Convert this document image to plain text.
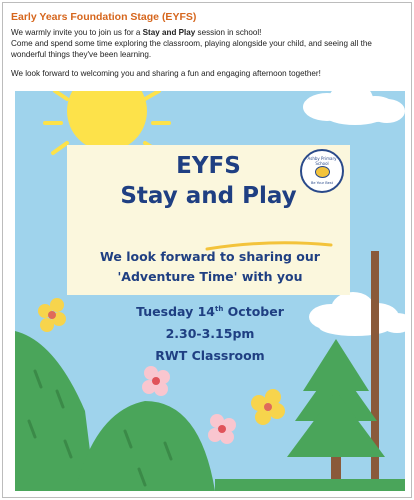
Early Years Foundation Stage (EYFS)

We warmly invite you to join us for a Stay and Play session in school!

Come and spend some time exploring the classroom, playing alongside your child, and seeing all the wonderful things they've been learning.

We look forward to welcoming you and sharing a fun and engaging afternoon together!

EYFS
Stay and Play
Ashby Primary School
Be Your Best
We look forward to sharing our
'Adventure Time' with you
Tuesday 14th October
2.30-3.15pm
RWT Classroom
